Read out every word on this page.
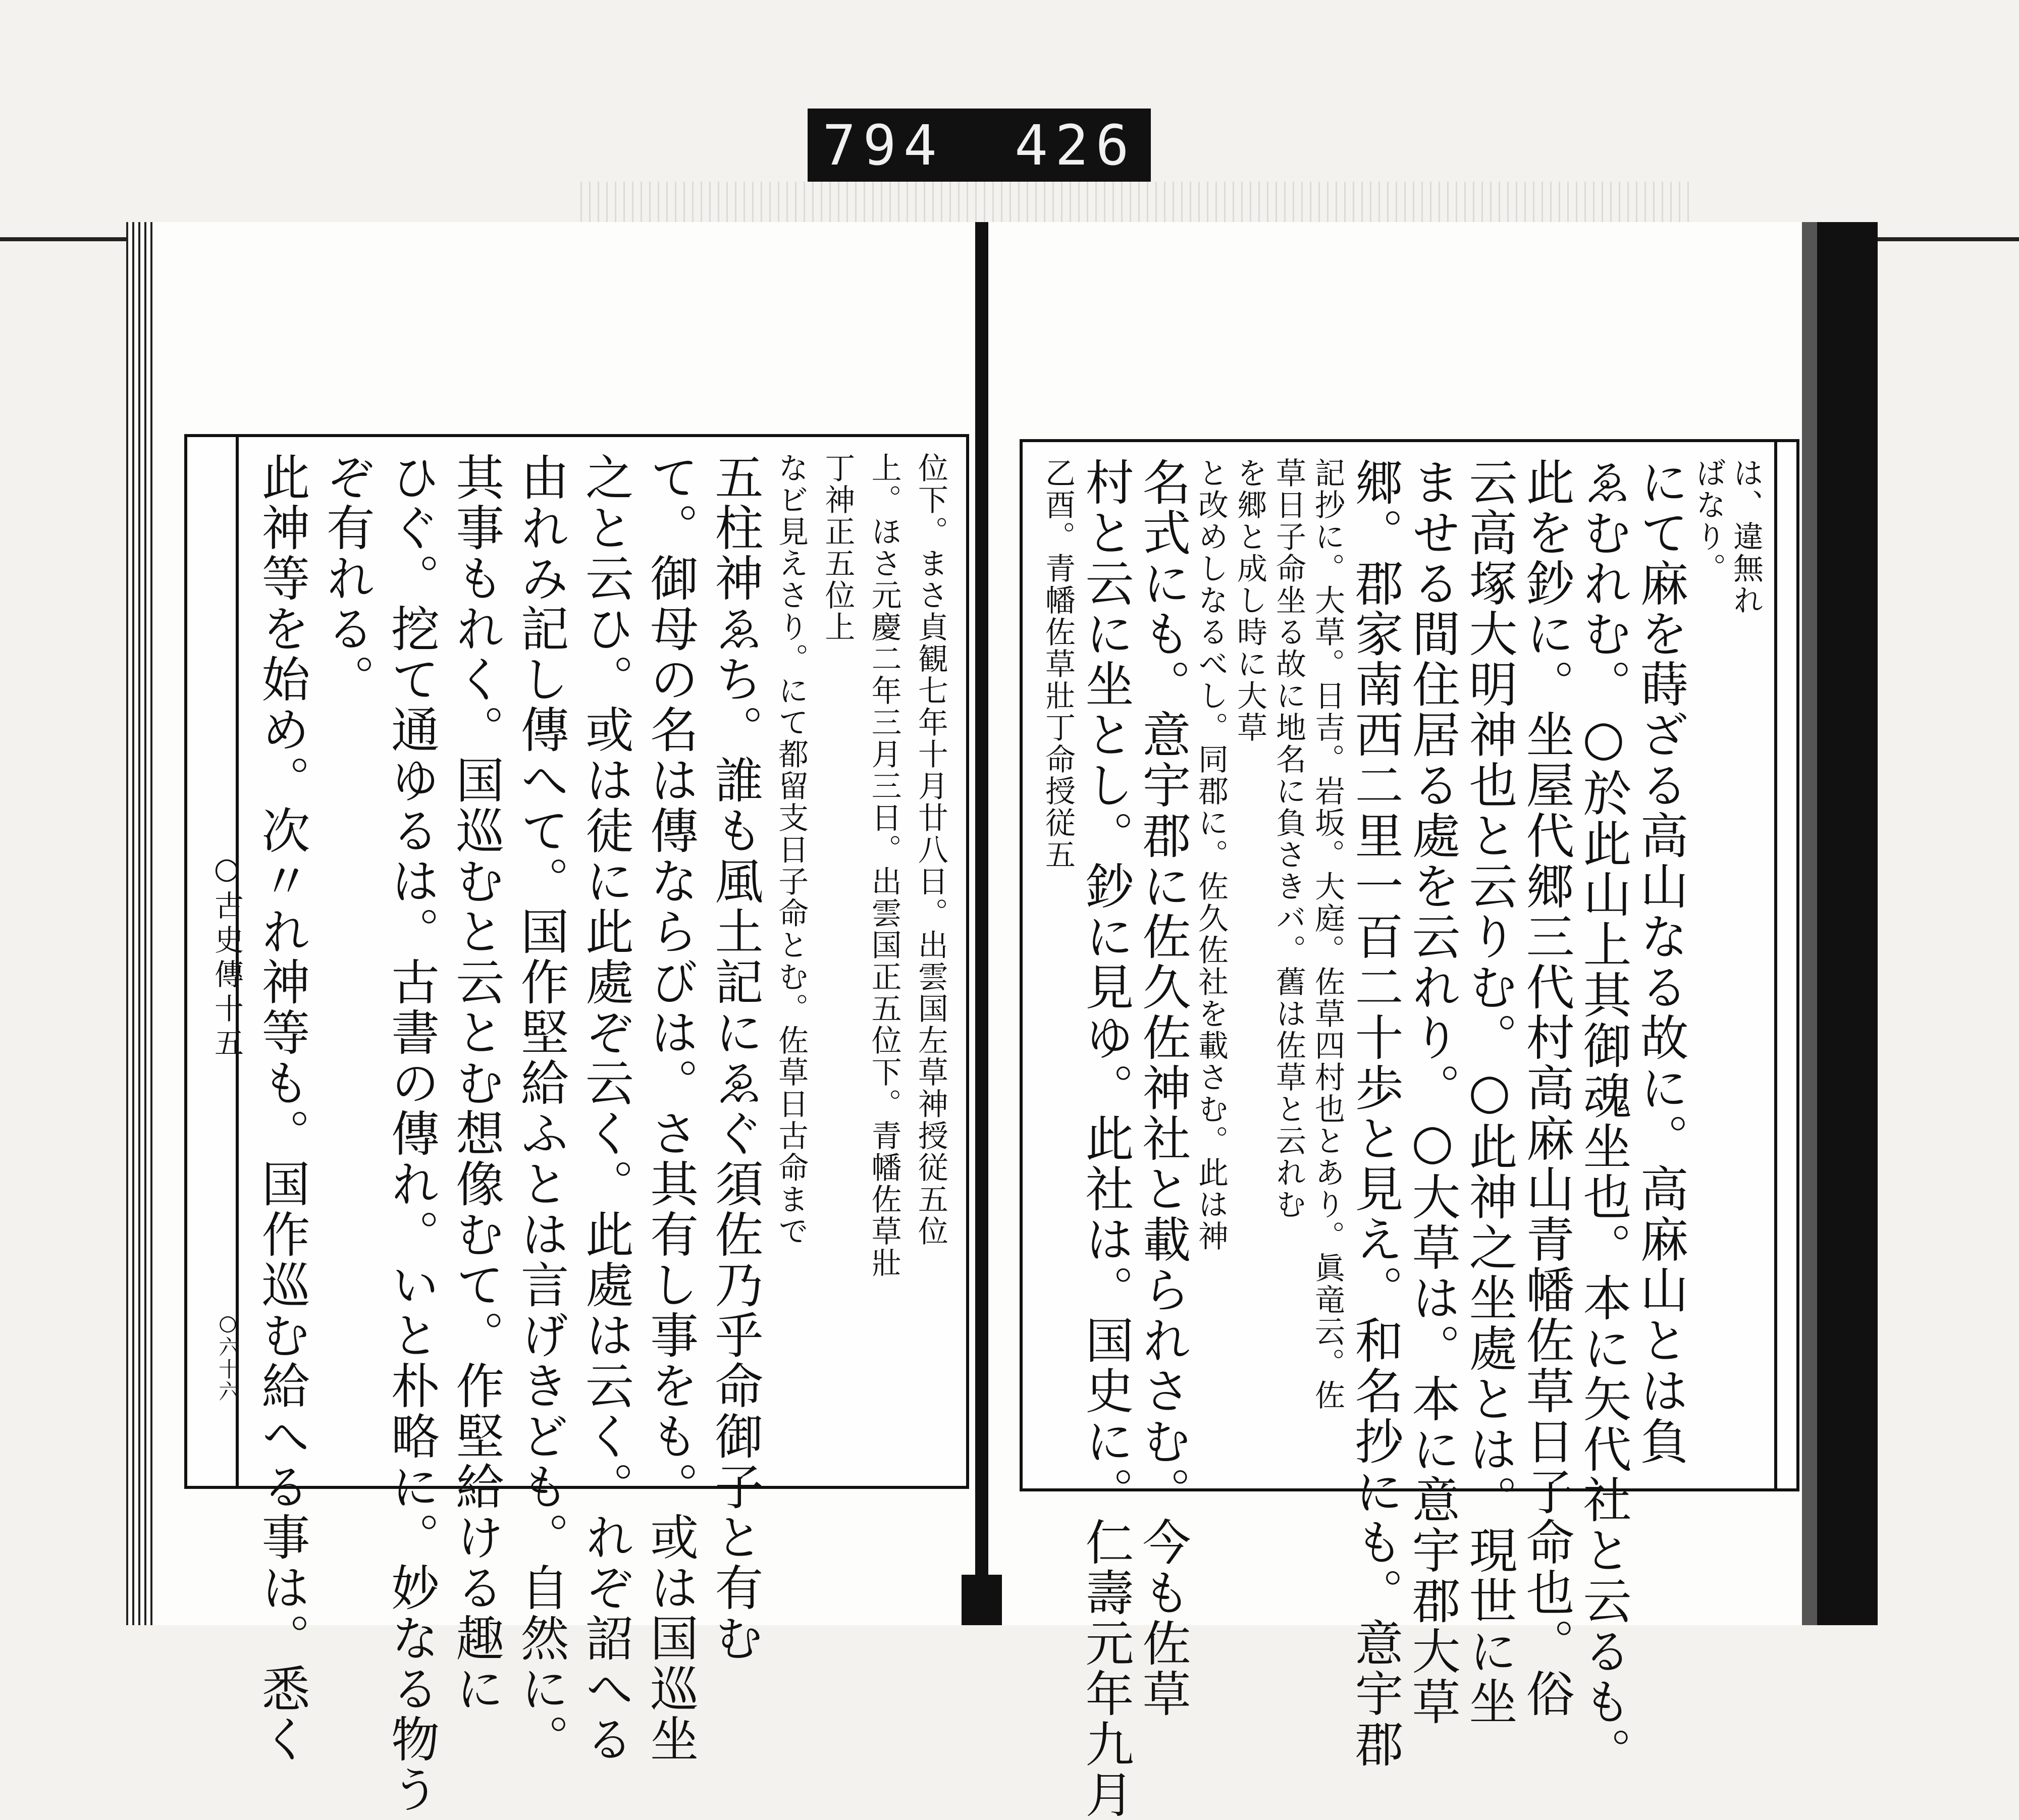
794 426
は、違無れ
ばなり。
にて麻を蒔ざる高山なる故に。高麻山とは負
ゑむれむ。○於此山上其御魂坐也。本に矢代社と云るも。
此を鈔に。坐屋代郷三代村高麻山青幡佐草日子命也。俗
云高塚大明神也と云りむ。○此神之坐處とは。現世に坐
ませる間住居る處を云れり。○大草は。本に意宇郡大草
郷。郡家南西二里一百二十歩と見え。和名抄にも。意宇郡
記抄に。大草。日吉。岩坂。大庭。佐草四村也とあり。眞竜云。佐
草日子命坐る故に地名に負さきバ。舊は佐草と云れむ
を郷と成し時に大草
と改めしなるべし。同郡に。佐久佐社を載さむ。此は神
名式にも。意宇郡に佐久佐神社と載られさむ。今も佐草
村と云に坐とし。鈔に見ゆ。此社は。国史に。仁壽元年九月
乙酉。青幡佐草壯丁命授従五
○古史傳十五
○六十六
位下。まさ貞観七年十月廿八日。出雲国左草神授従五位
上。ほさ元慶二年三月三日。出雲国正五位下。青幡佐草壯
丁神正五位上
なビ見えさり。にて都留支日子命とむ。佐草日古命まで
五柱神ゑち。誰も風土記にゑぐ須佐乃乎命御子と有む
て。御母の名は傳ならびは。さ其有し事をも。或は国巡坐
之と云ひ。或は徒に此處ぞ云く。此處は云く。れぞ詔へる
由れみ記し傳へて。国作堅給ふとは言げきども。自然に。
其事もれく。国巡むと云とむ想像むて。作堅給ける趣に
ひぐ。挖て通ゆるは。古書の傳れ。いと朴略に。妙なる物う
ぞ有れる。
此神等を始め。次〃れ神等も。国作巡む給へる事は。悉く
